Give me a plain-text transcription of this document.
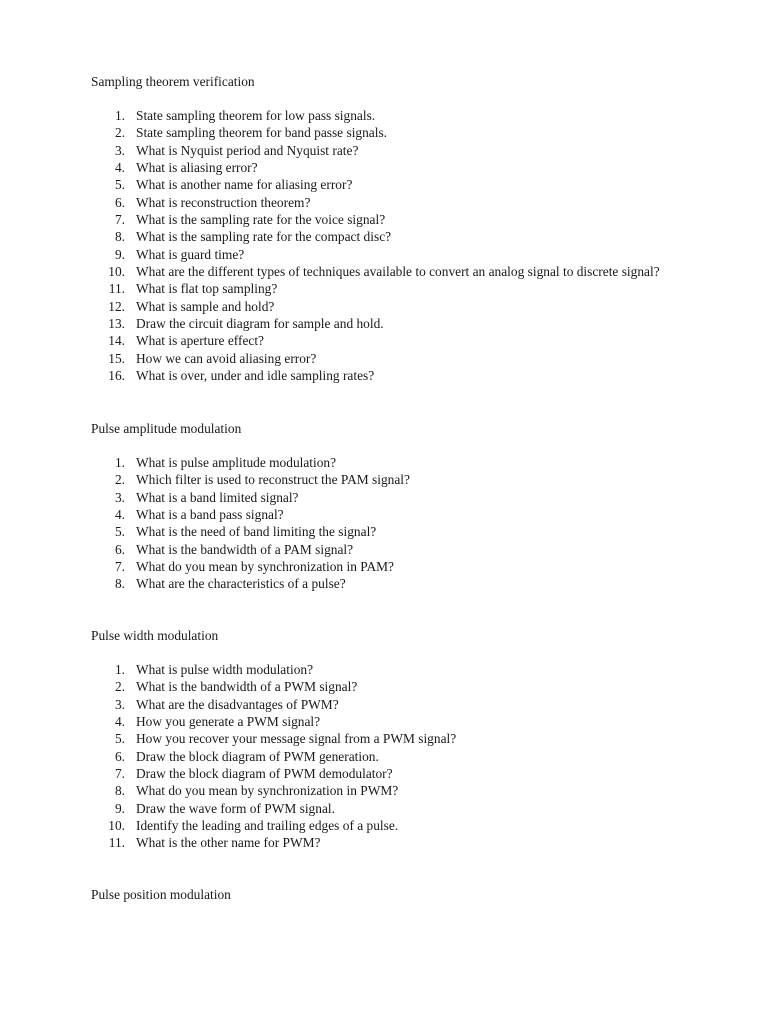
Sampling theorem verification
1. State sampling theorem for low pass signals.
2. State sampling theorem for band passe signals.
3. What is Nyquist period and Nyquist rate?
4. What is aliasing error?
5. What is another name for aliasing error?
6. What is reconstruction theorem?
7. What is the sampling rate for the voice signal?
8. What is the sampling rate for the compact disc?
9. What is guard time?
10. What are the different types of techniques available to convert an analog signal to discrete signal?
11. What is flat top sampling?
12. What is sample and hold?
13. Draw the circuit diagram for sample and hold.
14. What is aperture effect?
15. How we can avoid aliasing error?
16. What is over, under and idle sampling rates?
Pulse amplitude modulation
1. What is pulse amplitude modulation?
2. Which filter is used to reconstruct the PAM signal?
3. What is a band limited signal?
4. What is a band pass signal?
5. What is the need of band limiting the signal?
6. What is the bandwidth of a PAM signal?
7. What do you mean by synchronization in PAM?
8. What are the characteristics of a pulse?
Pulse width modulation
1. What is pulse width modulation?
2. What is the bandwidth of a PWM signal?
3. What are the disadvantages of PWM?
4. How you generate a PWM signal?
5. How you recover your message signal from a PWM signal?
6. Draw the block diagram of PWM generation.
7. Draw the block diagram of PWM demodulator?
8. What do you mean by synchronization in PWM?
9. Draw the wave form of PWM signal.
10. Identify the leading and trailing edges of a pulse.
11. What is the other name for PWM?
Pulse position modulation
